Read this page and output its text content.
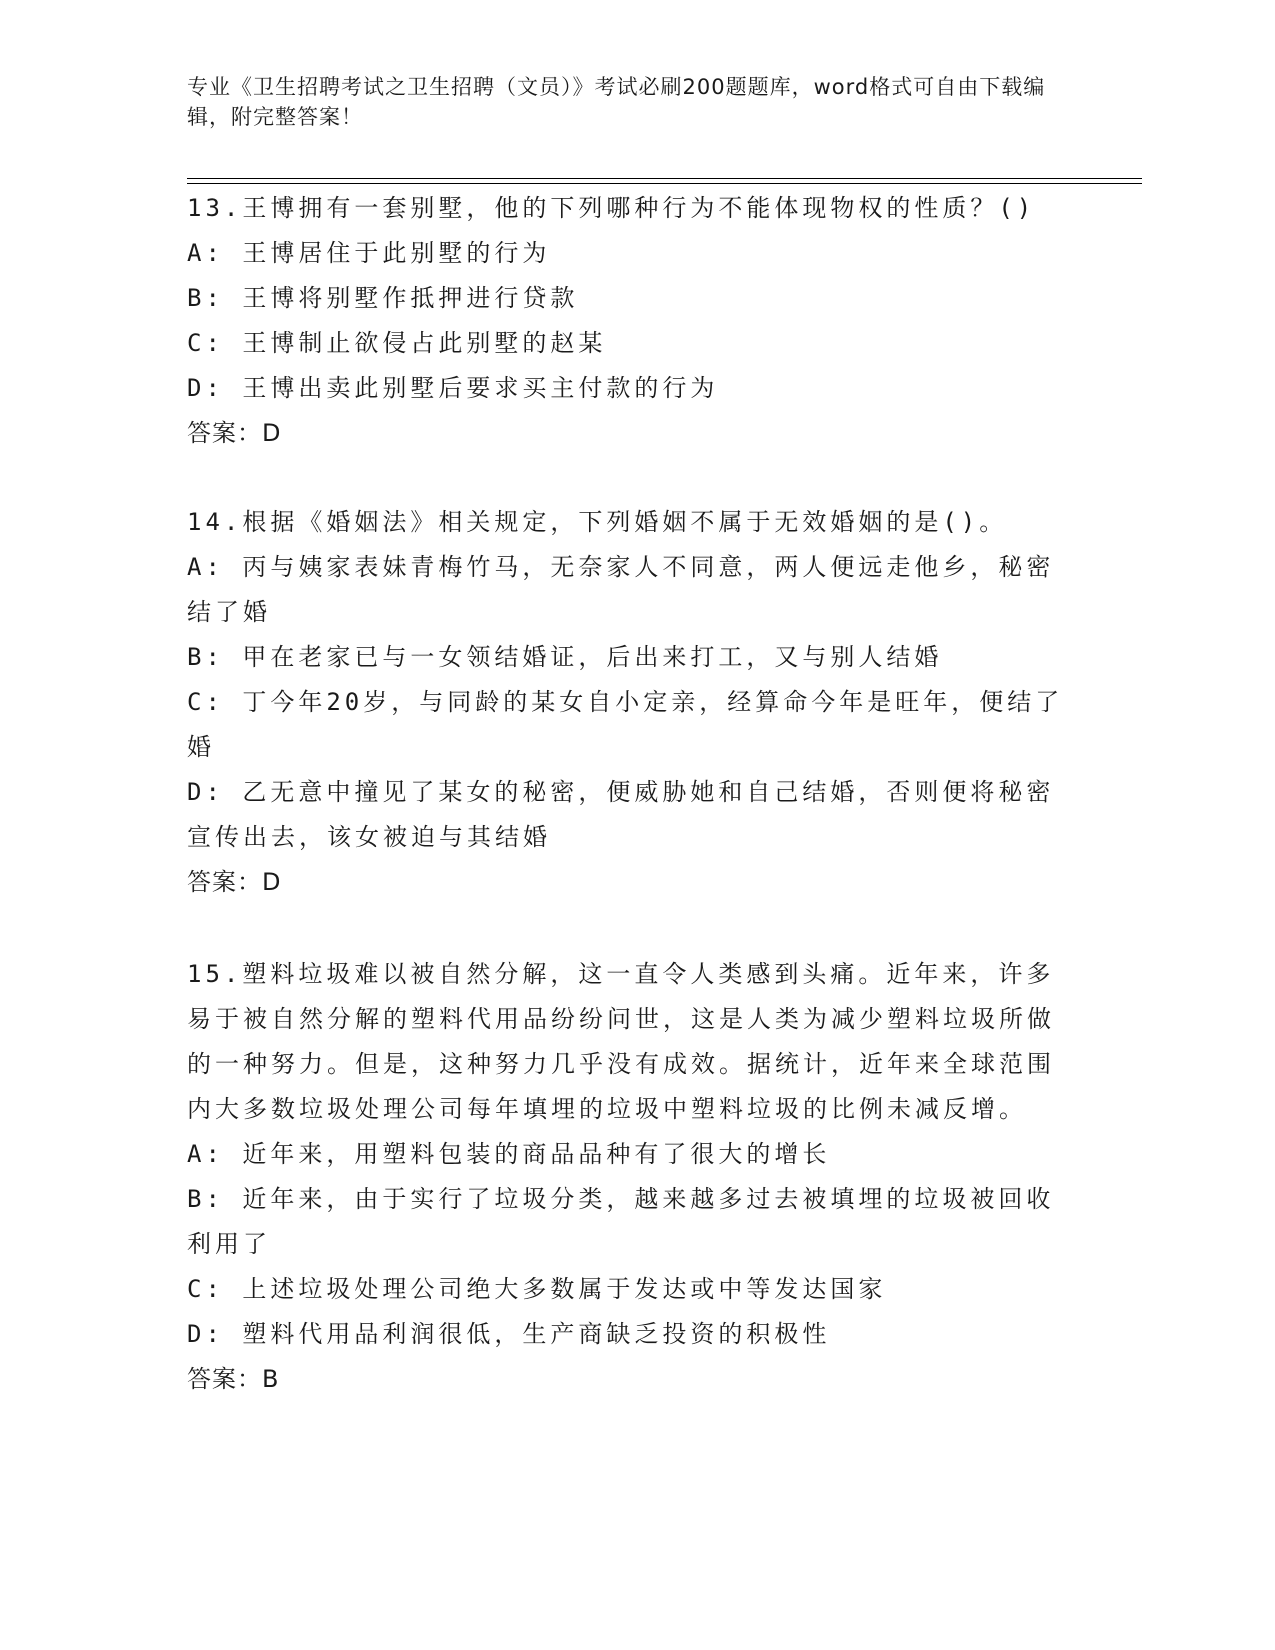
专业《卫生招聘考试之卫生招聘（文员）》考试必刷200题题库，word格式可自由下载编辑，附完整答案！

13.王博拥有一套别墅，他的下列哪种行为不能体现物权的性质？()

A: 王博居住于此别墅的行为

B: 王博将别墅作抵押进行贷款

C: 王博制止欲侵占此别墅的赵某

D: 王博出卖此别墅后要求买主付款的行为

答案：D

14.根据《婚姻法》相关规定，下列婚姻不属于无效婚姻的是()。

A: 丙与姨家表妹青梅竹马，无奈家人不同意，两人便远走他乡，秘密结了婚

B: 甲在老家已与一女领结婚证，后出来打工，又与别人结婚

C: 丁今年20岁，与同龄的某女自小定亲，经算命今年是旺年，便结了婚

D: 乙无意中撞见了某女的秘密，便威胁她和自己结婚，否则便将秘密宣传出去，该女被迫与其结婚

答案：D

15.塑料垃圾难以被自然分解，这一直令人类感到头痛。近年来，许多易于被自然分解的塑料代用品纷纷问世，这是人类为减少塑料垃圾所做的一种努力。但是，这种努力几乎没有成效。据统计，近年来全球范围内大多数垃圾处理公司每年填埋的垃圾中塑料垃圾的比例未减反增。

A: 近年来，用塑料包装的商品品种有了很大的增长

B: 近年来，由于实行了垃圾分类，越来越多过去被填埋的垃圾被回收利用了

C: 上述垃圾处理公司绝大多数属于发达或中等发达国家

D: 塑料代用品利润很低，生产商缺乏投资的积极性

答案：B
